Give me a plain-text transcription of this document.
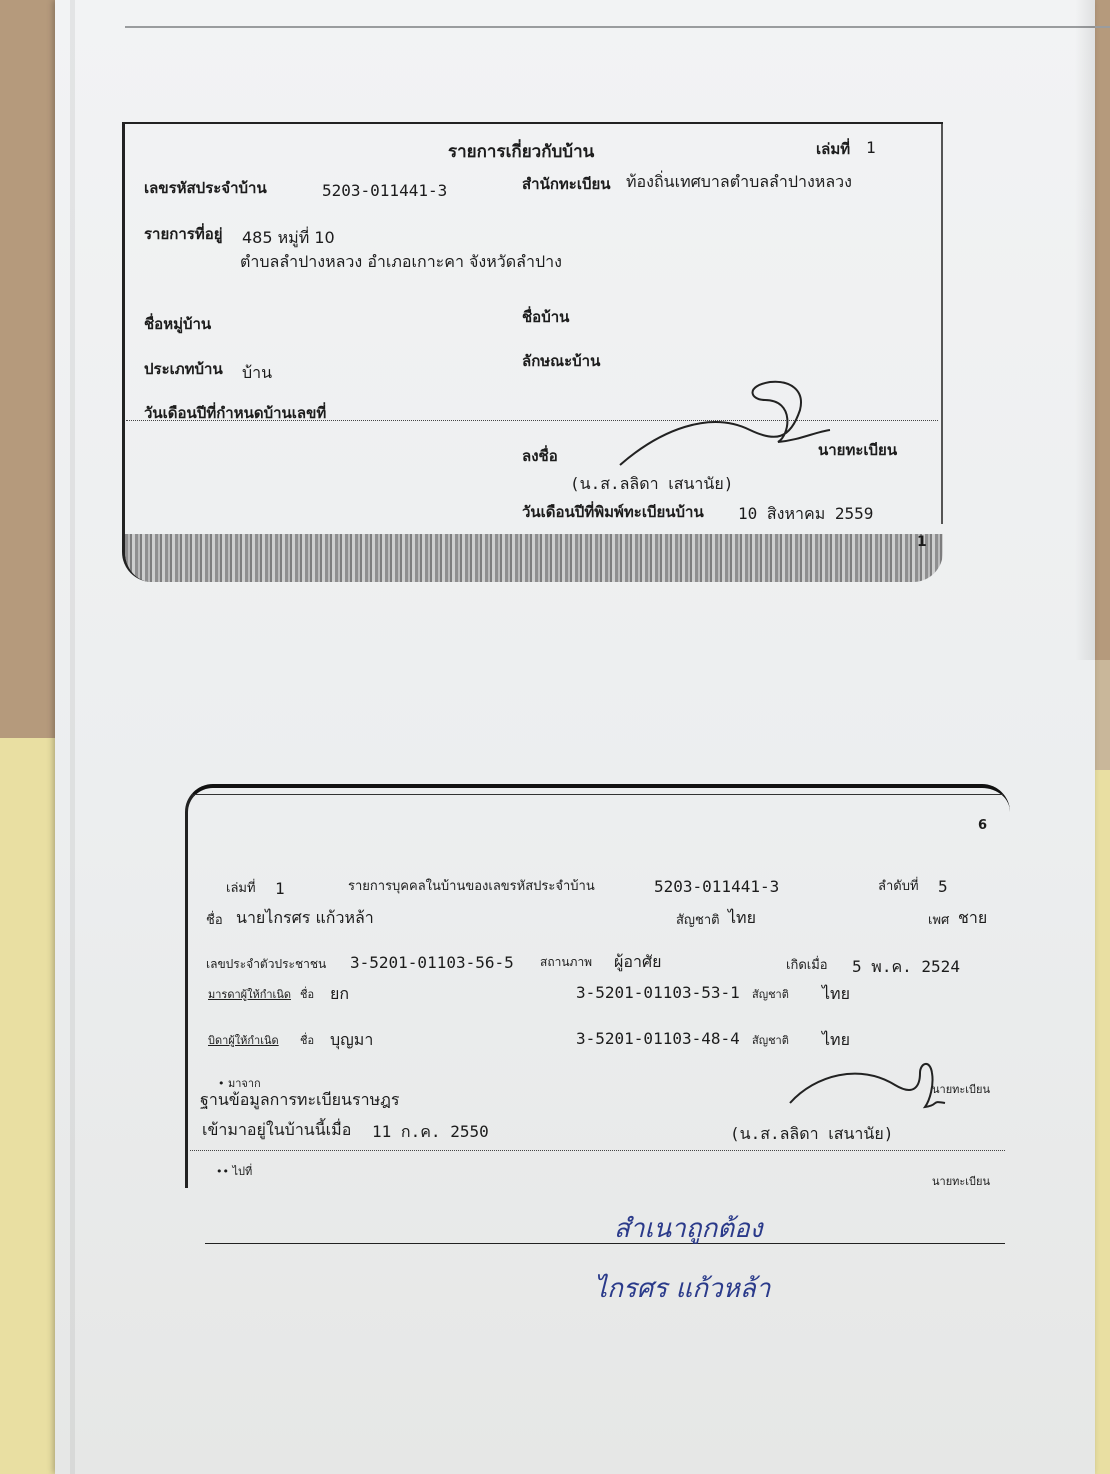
1
รายการเกี่ยวกับบ้าน	เล่มที่ 1
เลขรหัสประจำบ้าน	5203-011441-3	สำนักทะเบียน ท้องถิ่นเทศบาลตำบลลำปางหลวง
รายการที่อยู่ 485 หมู่ที่ 10
ตำบลลำปางหลวง อำเภอเกาะคา จังหวัดลำปาง
ชื่อหมู่บ้าน	ชื่อบ้าน
ประเภทบ้าน บ้าน
ลักษณะบ้าน
วันเดือนปีที่กำหนดบ้านเลขที่
ลงชื่อ	นายทะเบียน
(น.ส.ลลิดา เสนานัย)
วันเดือนปีที่พิมพ์ทะเบียนบ้าน 10 สิงหาคม 2559
6
เล่มที่ 1	รายการบุคคลในบ้านของเลขรหัสประจำบ้าน	5203-011441-3	ลำดับที่ 5
ชื่อ นายไกรศร แก้วหล้า	สัญชาติ ไทย	เพศ ชาย
เลขประจำตัวประชาชน 3-5201-01103-56-5 สถานภาพ ผู้อาศัย	เกิดเมื่อ 5 พ.ค. 2524
มารดาผู้ให้กำเนิด ชื่อ ยก	3-5201-01103-53-1 สัญชาติ ไทย
บิดาผู้ให้กำเนิด ชื่อ บุญมา	3-5201-01103-48-4 สัญชาติ ไทย
• มาจาก
ฐานข้อมูลการทะเบียนราษฎร
เข้ามาอยู่ในบ้านนี้เมื่อ 11 ก.ค. 2550
นายทะเบียน
(น.ส.ลลิดา เสนานัย)
•• ไปที่
นายทะเบียน
สำเนาถูกต้อง
ไกรศร แก้วหล้า
